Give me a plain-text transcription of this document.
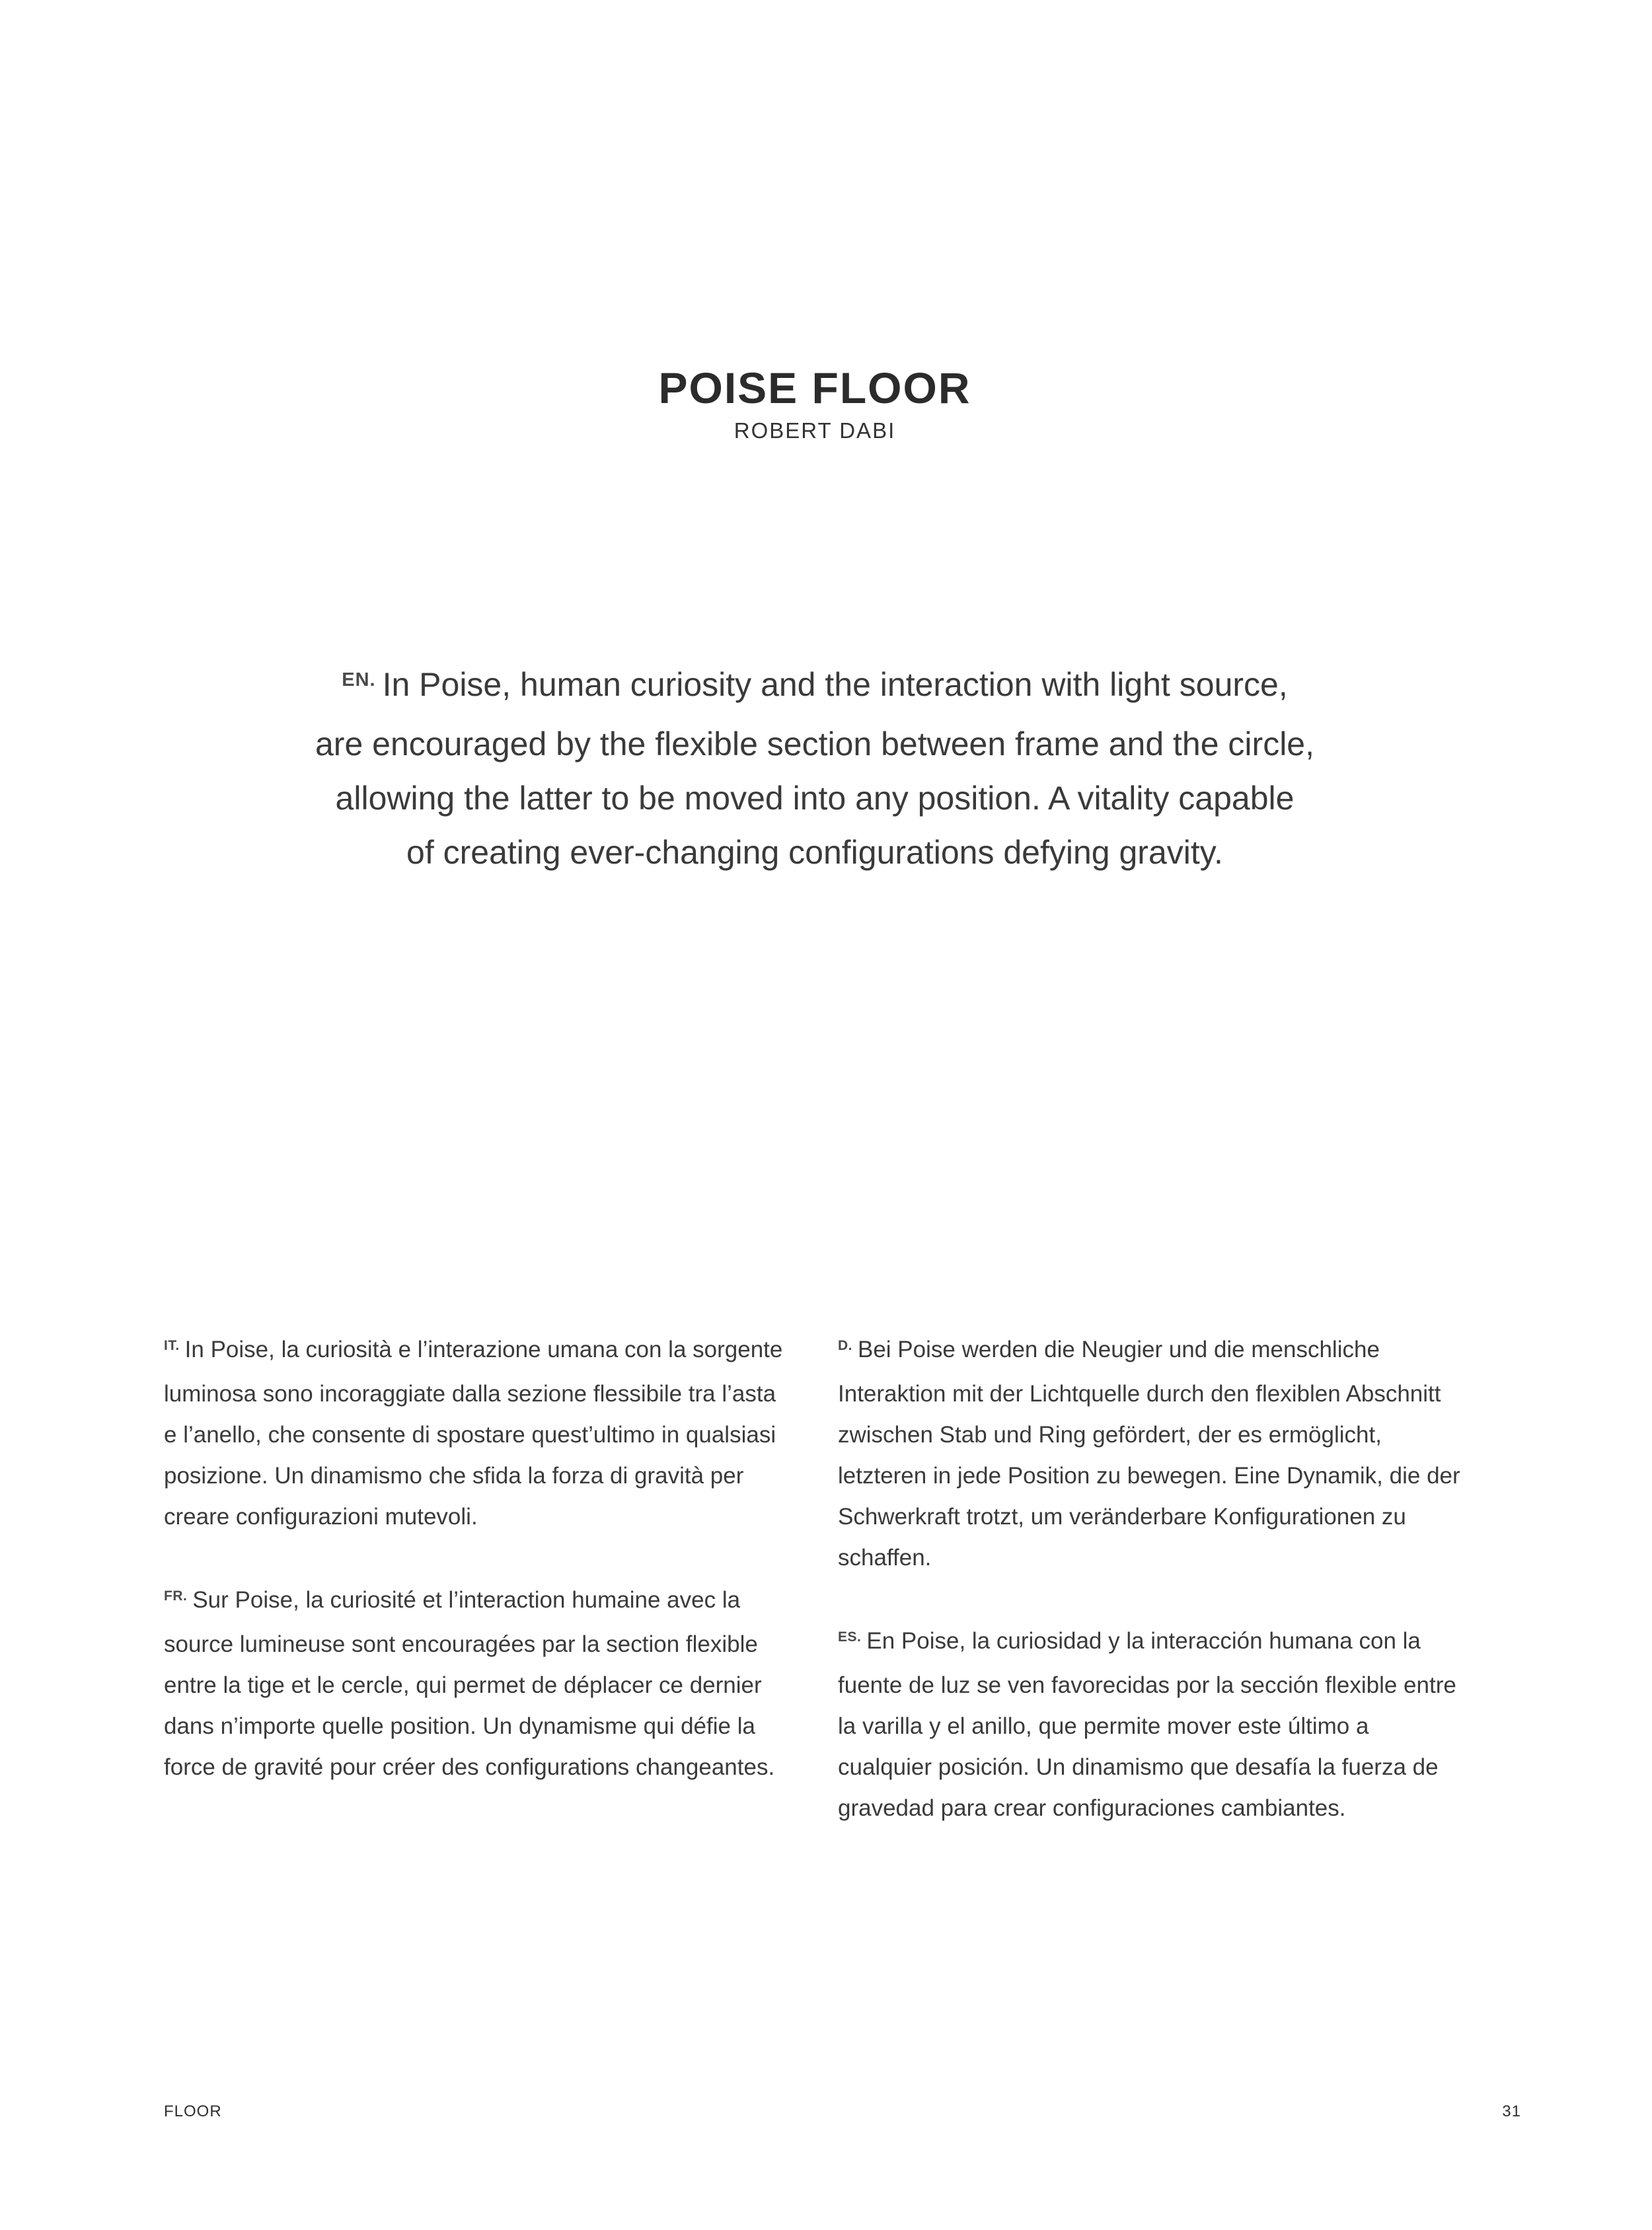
POISE FLOOR
ROBERT DABI
$^{EN.}$ In Poise, human curiosity and the interaction with light source,
are encouraged by the flexible section between frame and the circle,
allowing the latter to be moved into any position. A vitality capable
of creating ever-changing configurations defying gravity.

$^{IT.}$ In Poise, la curiosità e l’interazione umana con la sorgente luminosa sono incoraggiate dalla sezione flessibile tra l’asta e l’anello, che consente di spostare quest’ultimo in qualsiasi posizione. Un dinamismo che sfida la forza di gravità per creare configurazioni mutevoli.

$^{FR.}$ Sur Poise, la curiosité et l’interaction humaine avec la source lumineuse sont encouragées par la section flexible entre la tige et le cercle, qui permet de déplacer ce dernier dans n’importe quelle position. Un dynamisme qui défie la force de gravité pour créer des configurations changeantes.

$^{D.}$ Bei Poise werden die Neugier und die menschliche Interaktion mit der Lichtquelle durch den flexiblen Abschnitt zwischen Stab und Ring gefördert, der es ermöglicht, letzteren in jede Position zu bewegen. Eine Dynamik, die der Schwerkraft trotzt, um veränderbare Konfigurationen zu schaffen.

$^{ES.}$ En Poise, la curiosidad y la interacción humana con la fuente de luz se ven favorecidas por la sección flexible entre la varilla y el anillo, que permite mover este último a cualquier posición. Un dinamismo que desafía la fuerza de gravedad para crear configuraciones cambiantes.

FLOOR	31
